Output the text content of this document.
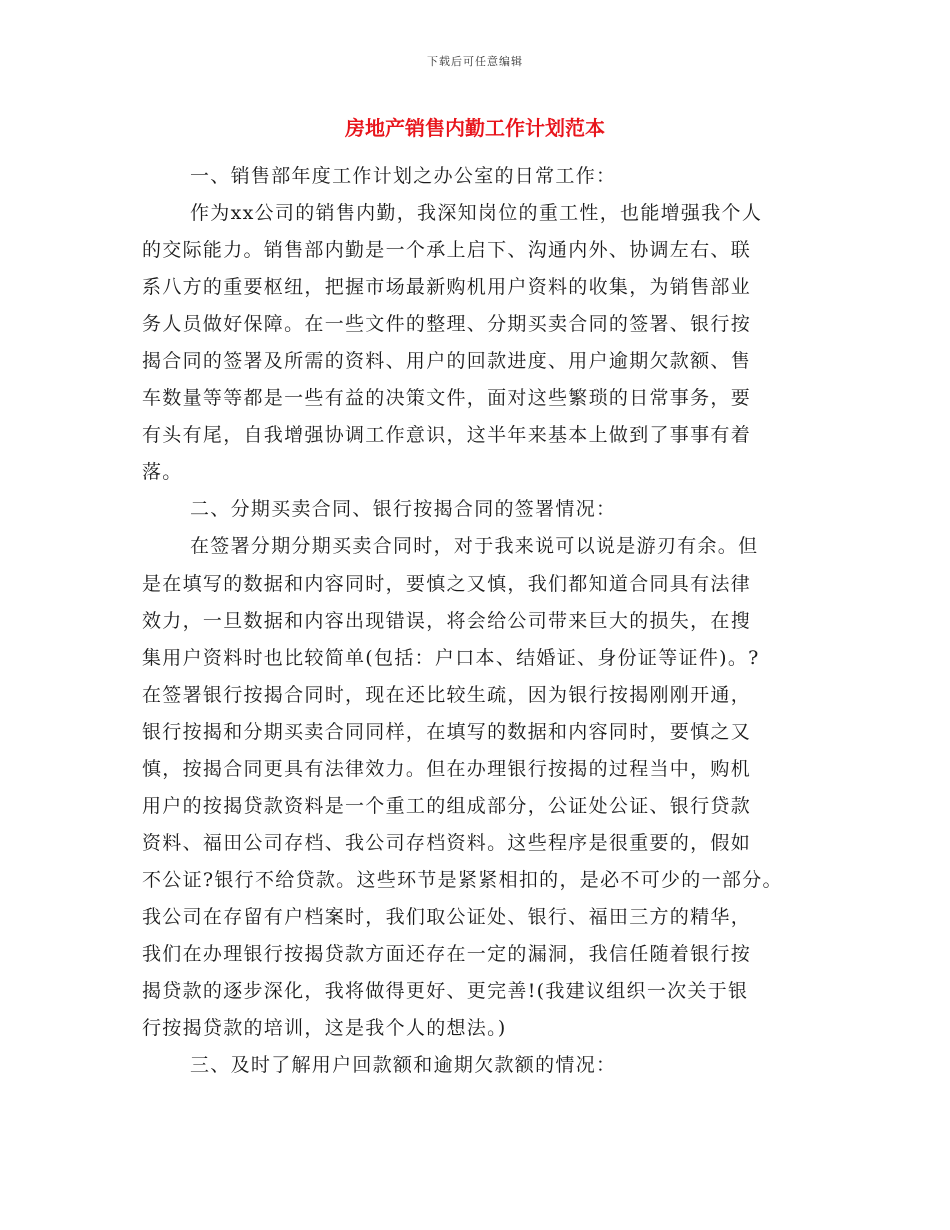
下载后可任意编辑
房地产销售内勤工作计划范本
一、销售部年度工作计划之办公室的日常工作：
作为xx公司的销售内勤，我深知岗位的重工性，也能增强我个人
的交际能力。销售部内勤是一个承上启下、沟通内外、协调左右、联
系八方的重要枢纽，把握市场最新购机用户资料的收集，为销售部业
务人员做好保障。在一些文件的整理、分期买卖合同的签署、银行按
揭合同的签署及所需的资料、用户的回款进度、用户逾期欠款额、售
车数量等等都是一些有益的决策文件，面对这些繁琐的日常事务，要
有头有尾，自我增强协调工作意识，这半年来基本上做到了事事有着
落。
二、分期买卖合同、银行按揭合同的签署情况：
在签署分期分期买卖合同时，对于我来说可以说是游刃有余。但
是在填写的数据和内容同时，要慎之又慎，我们都知道合同具有法律
效力，一旦数据和内容出现错误，将会给公司带来巨大的损失，在搜
集用户资料时也比较简单(包括：户口本、结婚证、身份证等证件)。?
在签署银行按揭合同时，现在还比较生疏，因为银行按揭刚刚开通，
银行按揭和分期买卖合同同样，在填写的数据和内容同时，要慎之又
慎，按揭合同更具有法律效力。但在办理银行按揭的过程当中，购机
用户的按揭贷款资料是一个重工的组成部分，公证处公证、银行贷款
资料、福田公司存档、我公司存档资料。这些程序是很重要的，假如
不公证?银行不给贷款。这些环节是紧紧相扣的，是必不可少的一部分。
我公司在存留有户档案时，我们取公证处、银行、福田三方的精华，
我们在办理银行按揭贷款方面还存在一定的漏洞，我信任随着银行按
揭贷款的逐步深化，我将做得更好、更完善!(我建议组织一次关于银
行按揭贷款的培训，这是我个人的想法。)
三、及时了解用户回款额和逾期欠款额的情况：
